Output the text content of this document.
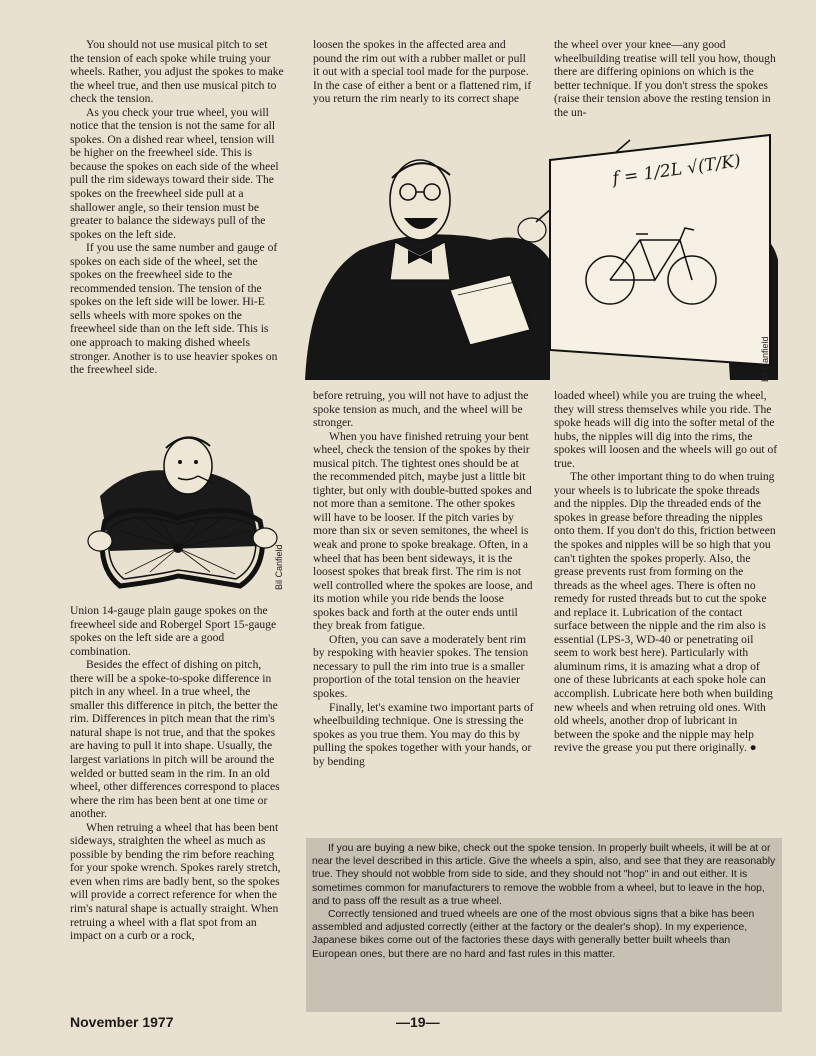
You should not use musical pitch to set the tension of each spoke while truing your wheels. Rather, you adjust the spokes to make the wheel true, and then use musical pitch to check the tension.

As you check your true wheel, you will notice that the tension is not the same for all spokes. On a dished rear wheel, tension will be higher on the freewheel side. This is because the spokes on each side of the wheel pull the rim sideways toward their side. The spokes on the freewheel side pull at a shallower angle, so their tension must be greater to balance the sideways pull of the spokes on the left side.

If you use the same number and gauge of spokes on each side of the wheel, set the spokes on the freewheel side to the recommended tension. The tension of the spokes on the left side will be lower. Hi-E sells wheels with more spokes on the freewheel side than on the left side. This is one approach to making dished wheels stronger. Another is to use heavier spokes on the freewheel side.

Bil Canfield

Union 14-gauge plain gauge spokes on the freewheel side and Robergel Sport 15-gauge spokes on the left side are a good combination.

Besides the effect of dishing on pitch, there will be a spoke-to-spoke difference in pitch in any wheel. In a true wheel, the smaller this difference in pitch, the better the rim. Differences in pitch mean that the rim's natural shape is not true, and that the spokes are having to pull it into shape. Usually, the largest variations in pitch will be around the welded or butted seam in the rim. In an old wheel, other differences correspond to places where the rim has been bent at one time or another.

When retruing a wheel that has been bent sideways, straighten the wheel as much as possible by bending the rim before reaching for your spoke wrench. Spokes rarely stretch, even when rims are badly bent, so the spokes will provide a correct reference for when the rim's natural shape is actually straight. When retruing a wheel with a flat spot from an impact on a curb or a rock,

loosen the spokes in the affected area and pound the rim out with a rubber mallet or pull it out with a special tool made for the purpose. In the case of either a bent or a flattened rim, if you return the rim nearly to its correct shape

the wheel over your knee—any good wheelbuilding treatise will tell you how, though there are differing opinions on which is the better technique. If you don't stress the spokes (raise their tension above the resting tension in the un-

f = 1/2L √(T/K)
Bil Canfield

before retruing, you will not have to adjust the spoke tension as much, and the wheel will be stronger.

When you have finished retruing your bent wheel, check the tension of the spokes by their musical pitch. The tightest ones should be at the recommended pitch, maybe just a little bit tighter, but only with double-butted spokes and not more than a semitone. The other spokes will have to be looser. If the pitch varies by more than six or seven semitones, the wheel is weak and prone to spoke breakage. Often, in a wheel that has been bent sideways, it is the loosest spokes that break first. The rim is not well controlled where the spokes are loose, and its motion while you ride bends the loose spokes back and forth at the outer ends until they break from fatigue.

Often, you can save a moderately bent rim by respoking with heavier spokes. The tension necessary to pull the rim into true is a smaller proportion of the total tension on the heavier spokes.

Finally, let's examine two important parts of wheelbuilding technique. One is stressing the spokes as you true them. You may do this by pulling the spokes together with your hands, or by bending

loaded wheel) while you are truing the wheel, they will stress themselves while you ride. The spoke heads will dig into the softer metal of the hubs, the nipples will dig into the rims, the spokes will loosen and the wheels will go out of true.

The other important thing to do when truing your wheels is to lubricate the spoke threads and the nipples. Dip the threaded ends of the spokes in grease before threading the nipples onto them. If you don't do this, friction between the spokes and nipples will be so high that you can't tighten the spokes properly. Also, the grease prevents rust from forming on the threads as the wheel ages. There is often no remedy for rusted threads but to cut the spoke and replace it. Lubrication of the contact surface between the nipple and the rim also is essential (LPS-3, WD-40 or penetrating oil seem to work best here). Particularly with aluminum rims, it is amazing what a drop of one of these lubricants at each spoke hole can accomplish. Lubricate here both when building new wheels and when retruing old ones. With old wheels, another drop of lubricant in between the spoke and the nipple may help revive the grease you put there originally. ●

If you are buying a new bike, check out the spoke tension. In properly built wheels, it will be at or near the level described in this article. Give the wheels a spin, also, and see that they are reasonably true. They should not wobble from side to side, and they should not "hop" in and out either. It is sometimes common for manufacturers to remove the wobble from a wheel, but to leave in the hop, and to pass off the result as a true wheel.

Correctly tensioned and trued wheels are one of the most obvious signs that a bike has been assembled and adjusted correctly (either at the factory or the dealer's shop). In my experience, Japanese bikes come out of the factories these days with generally better built wheels than European ones, but there are no hard and fast rules in this matter.

November 1977	—19—
